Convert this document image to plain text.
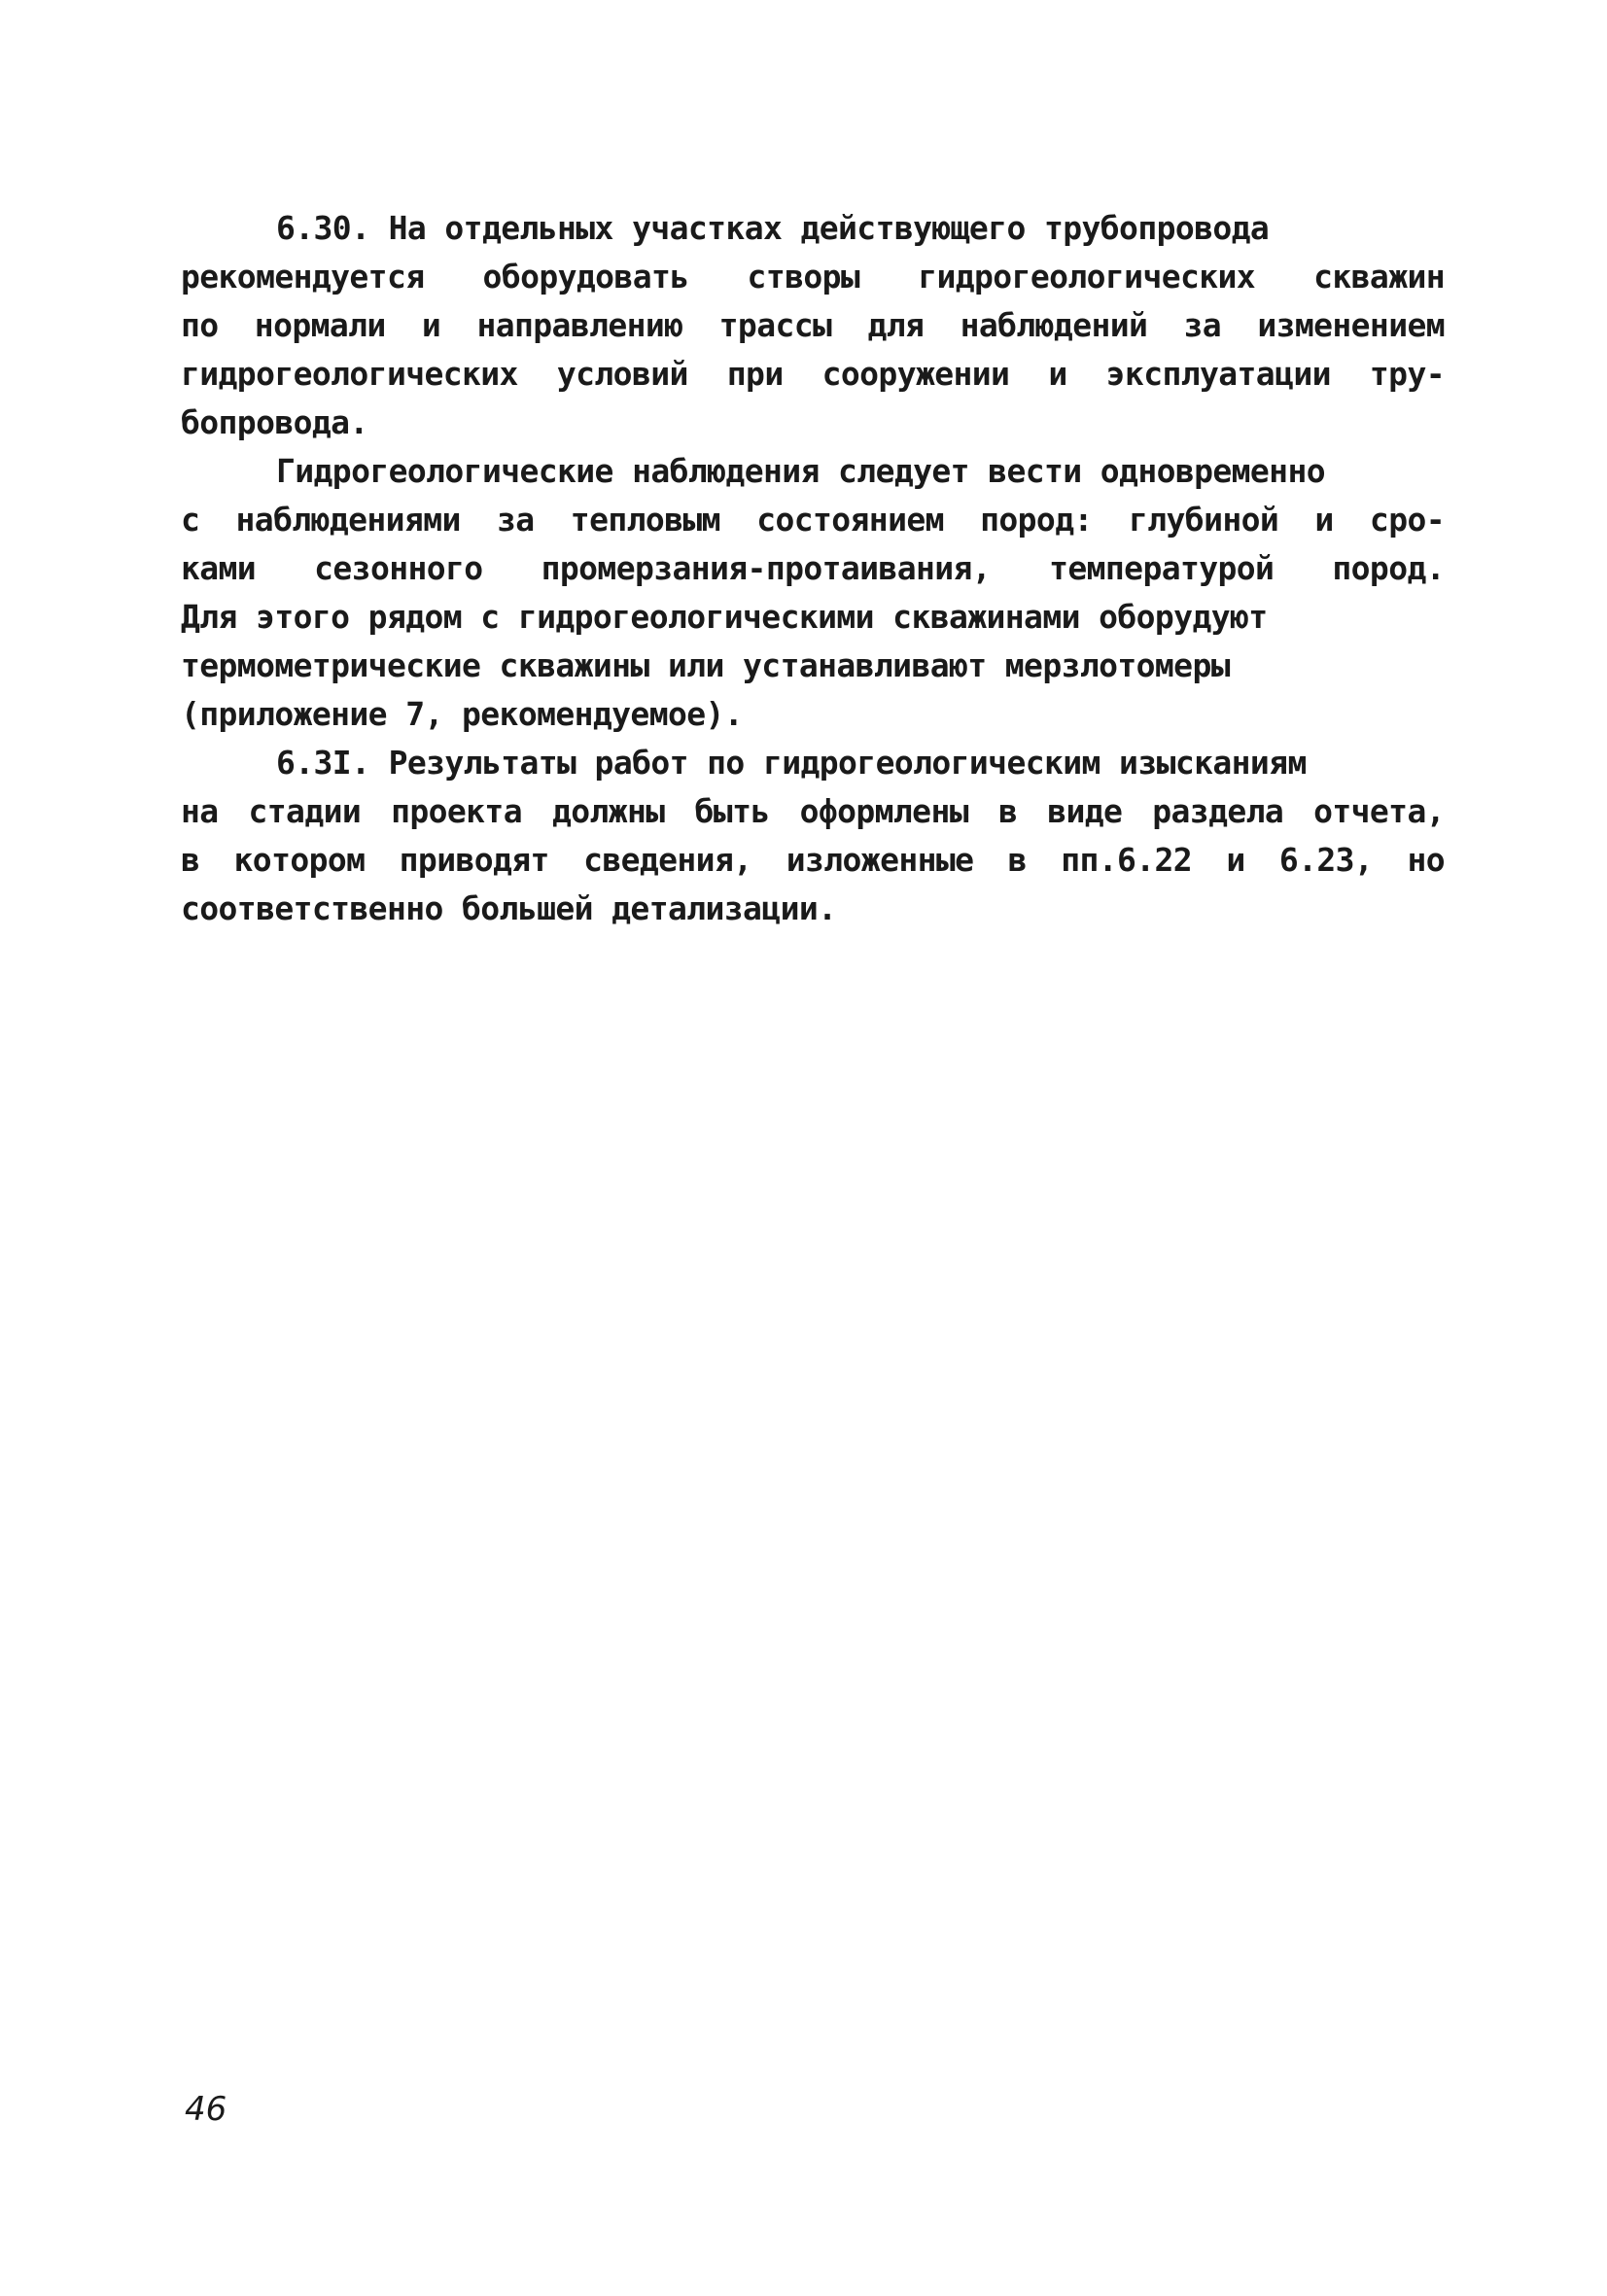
6.30. На отдельных участках действующего трубопровода
рекомендуется оборудовать створы гидрогеологических скважин
по нормали и направлению трассы для наблюдений за изменением
гидрогеологических условий при сооружении и эксплуатации тру-
бопровода.
Гидрогеологические наблюдения следует вести одновременно
с наблюдениями за тепловым состоянием пород: глубиной и сро-
ками сезонного промерзания-протаивания, температурой пород.
Для этого рядом с гидрогеологическими скважинами оборудуют
термометрические скважины или устанавливают мерзлотомеры
(приложение 7, рекомендуемое).
6.3I. Результаты работ по гидрогеологическим изысканиям
на стадии проекта должны быть оформлены в виде раздела отчета,
в котором приводят сведения, изложенные в пп.6.22 и 6.23, но
соответственно большей детализации.
46
